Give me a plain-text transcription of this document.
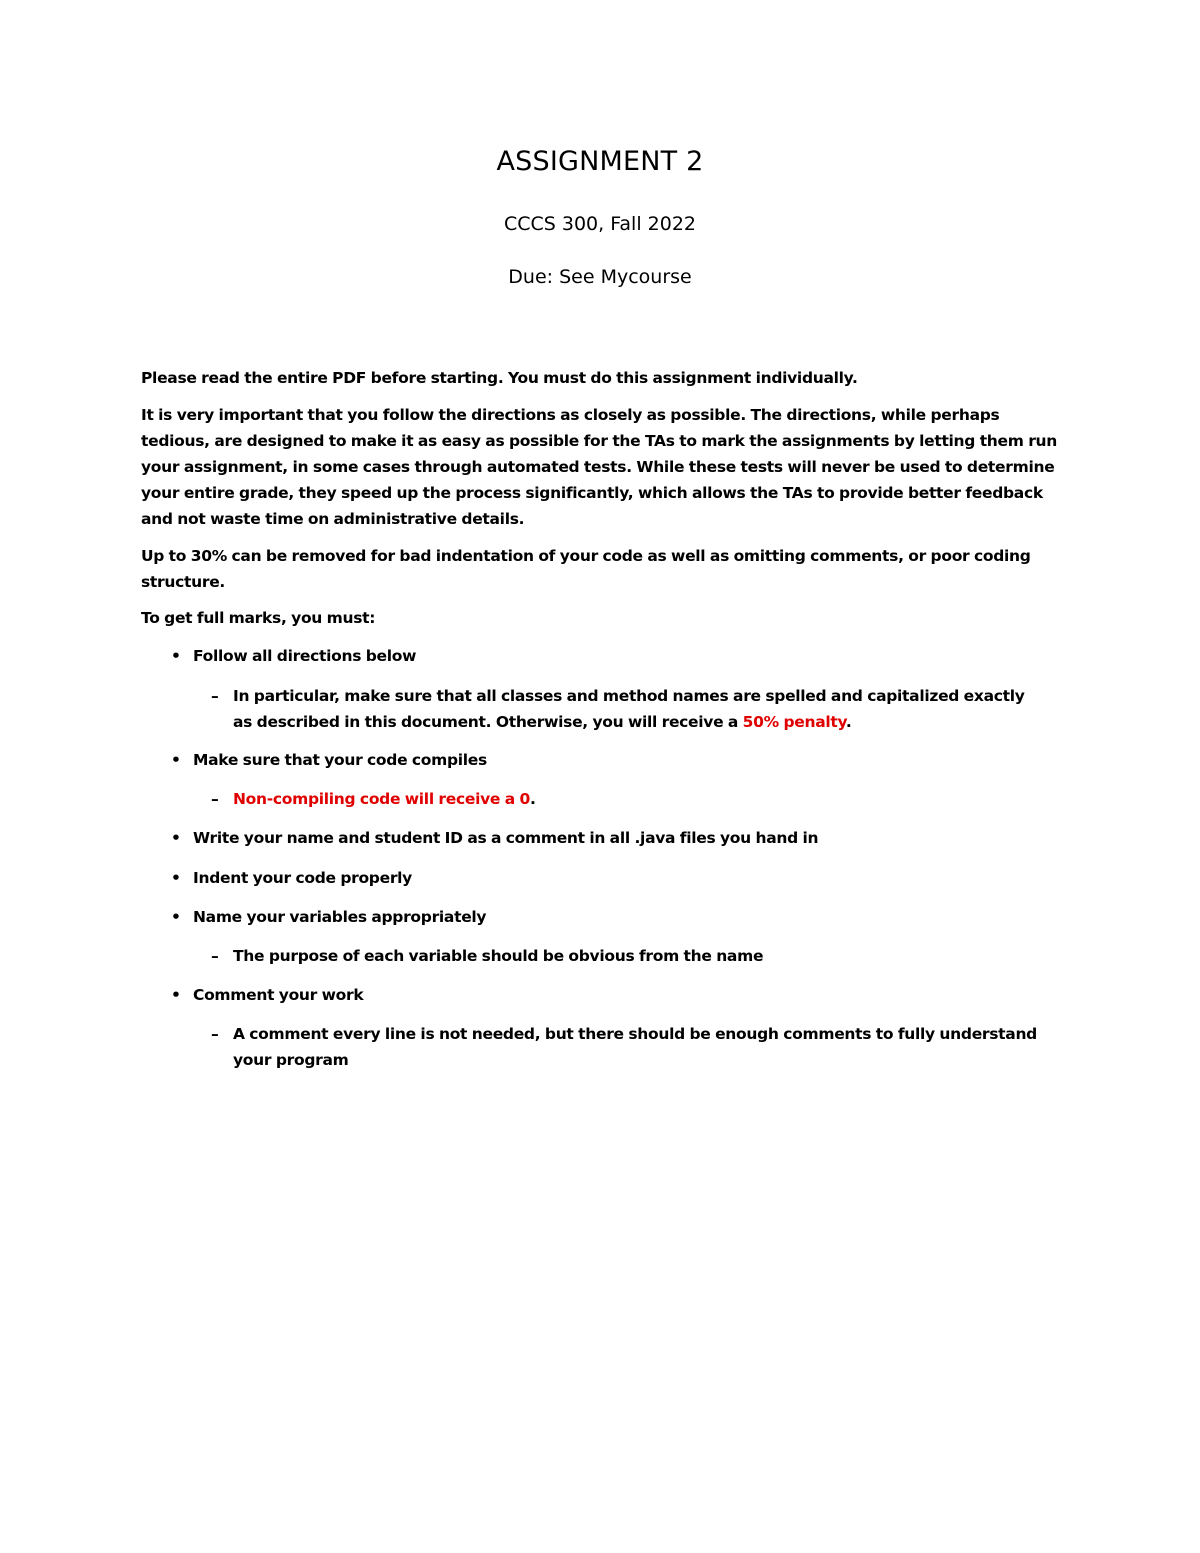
ASSIGNMENT 2
CCCS 300, Fall 2022
Due: See Mycourse
Please read the entire PDF before starting. You must do this assignment individually.
It is very important that you follow the directions as closely as possible. The directions, while perhaps tedious, are designed to make it as easy as possible for the TAs to mark the assignments by letting them run your assignment, in some cases through automated tests. While these tests will never be used to determine your entire grade, they speed up the process significantly, which allows the TAs to provide better feedback and not waste time on administrative details.
Up to 30% can be removed for bad indentation of your code as well as omitting comments, or poor coding structure.
To get full marks, you must:
• Follow all directions below
– In particular, make sure that all classes and method names are spelled and capitalized exactly as described in this document. Otherwise, you will receive a 50% penalty.
• Make sure that your code compiles
– Non-compiling code will receive a 0.
• Write your name and student ID as a comment in all .java files you hand in
• Indent your code properly
• Name your variables appropriately
– The purpose of each variable should be obvious from the name
• Comment your work
– A comment every line is not needed, but there should be enough comments to fully understand your program
